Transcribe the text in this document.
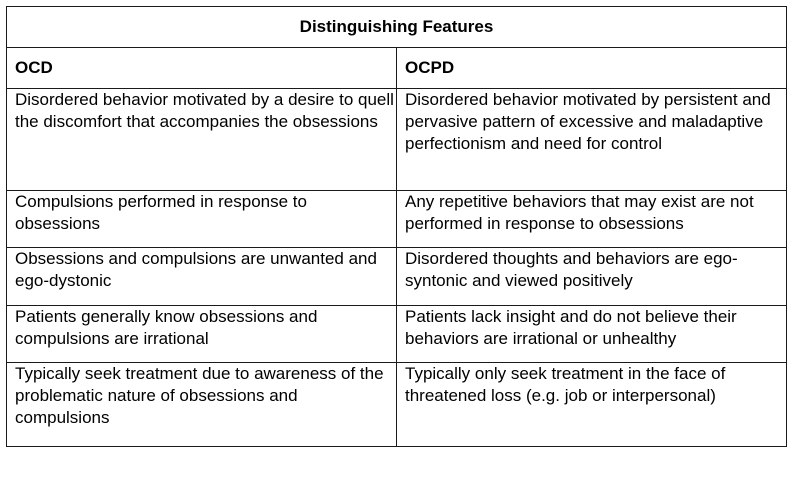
Distinguishing Features	
OCD	OCPD
Disordered behavior motivated by a desire to quell the discomfort that accompanies the obsessions	Disordered behavior motivated by persistent and pervasive pattern of excessive and maladaptive perfectionism and need for control
Compulsions performed in response to obsessions	Any repetitive behaviors that may exist are not performed in response to obsessions
Obsessions and compulsions are unwanted and ego-dystonic	Disordered thoughts and behaviors are ego-syntonic and viewed positively
Patients generally know obsessions and compulsions are irrational	Patients lack insight and do not believe their behaviors are irrational or unhealthy
Typically seek treatment due to awareness of the problematic nature of obsessions and compulsions	Typically only seek treatment in the face of threatened loss (e.g. job or interpersonal)
